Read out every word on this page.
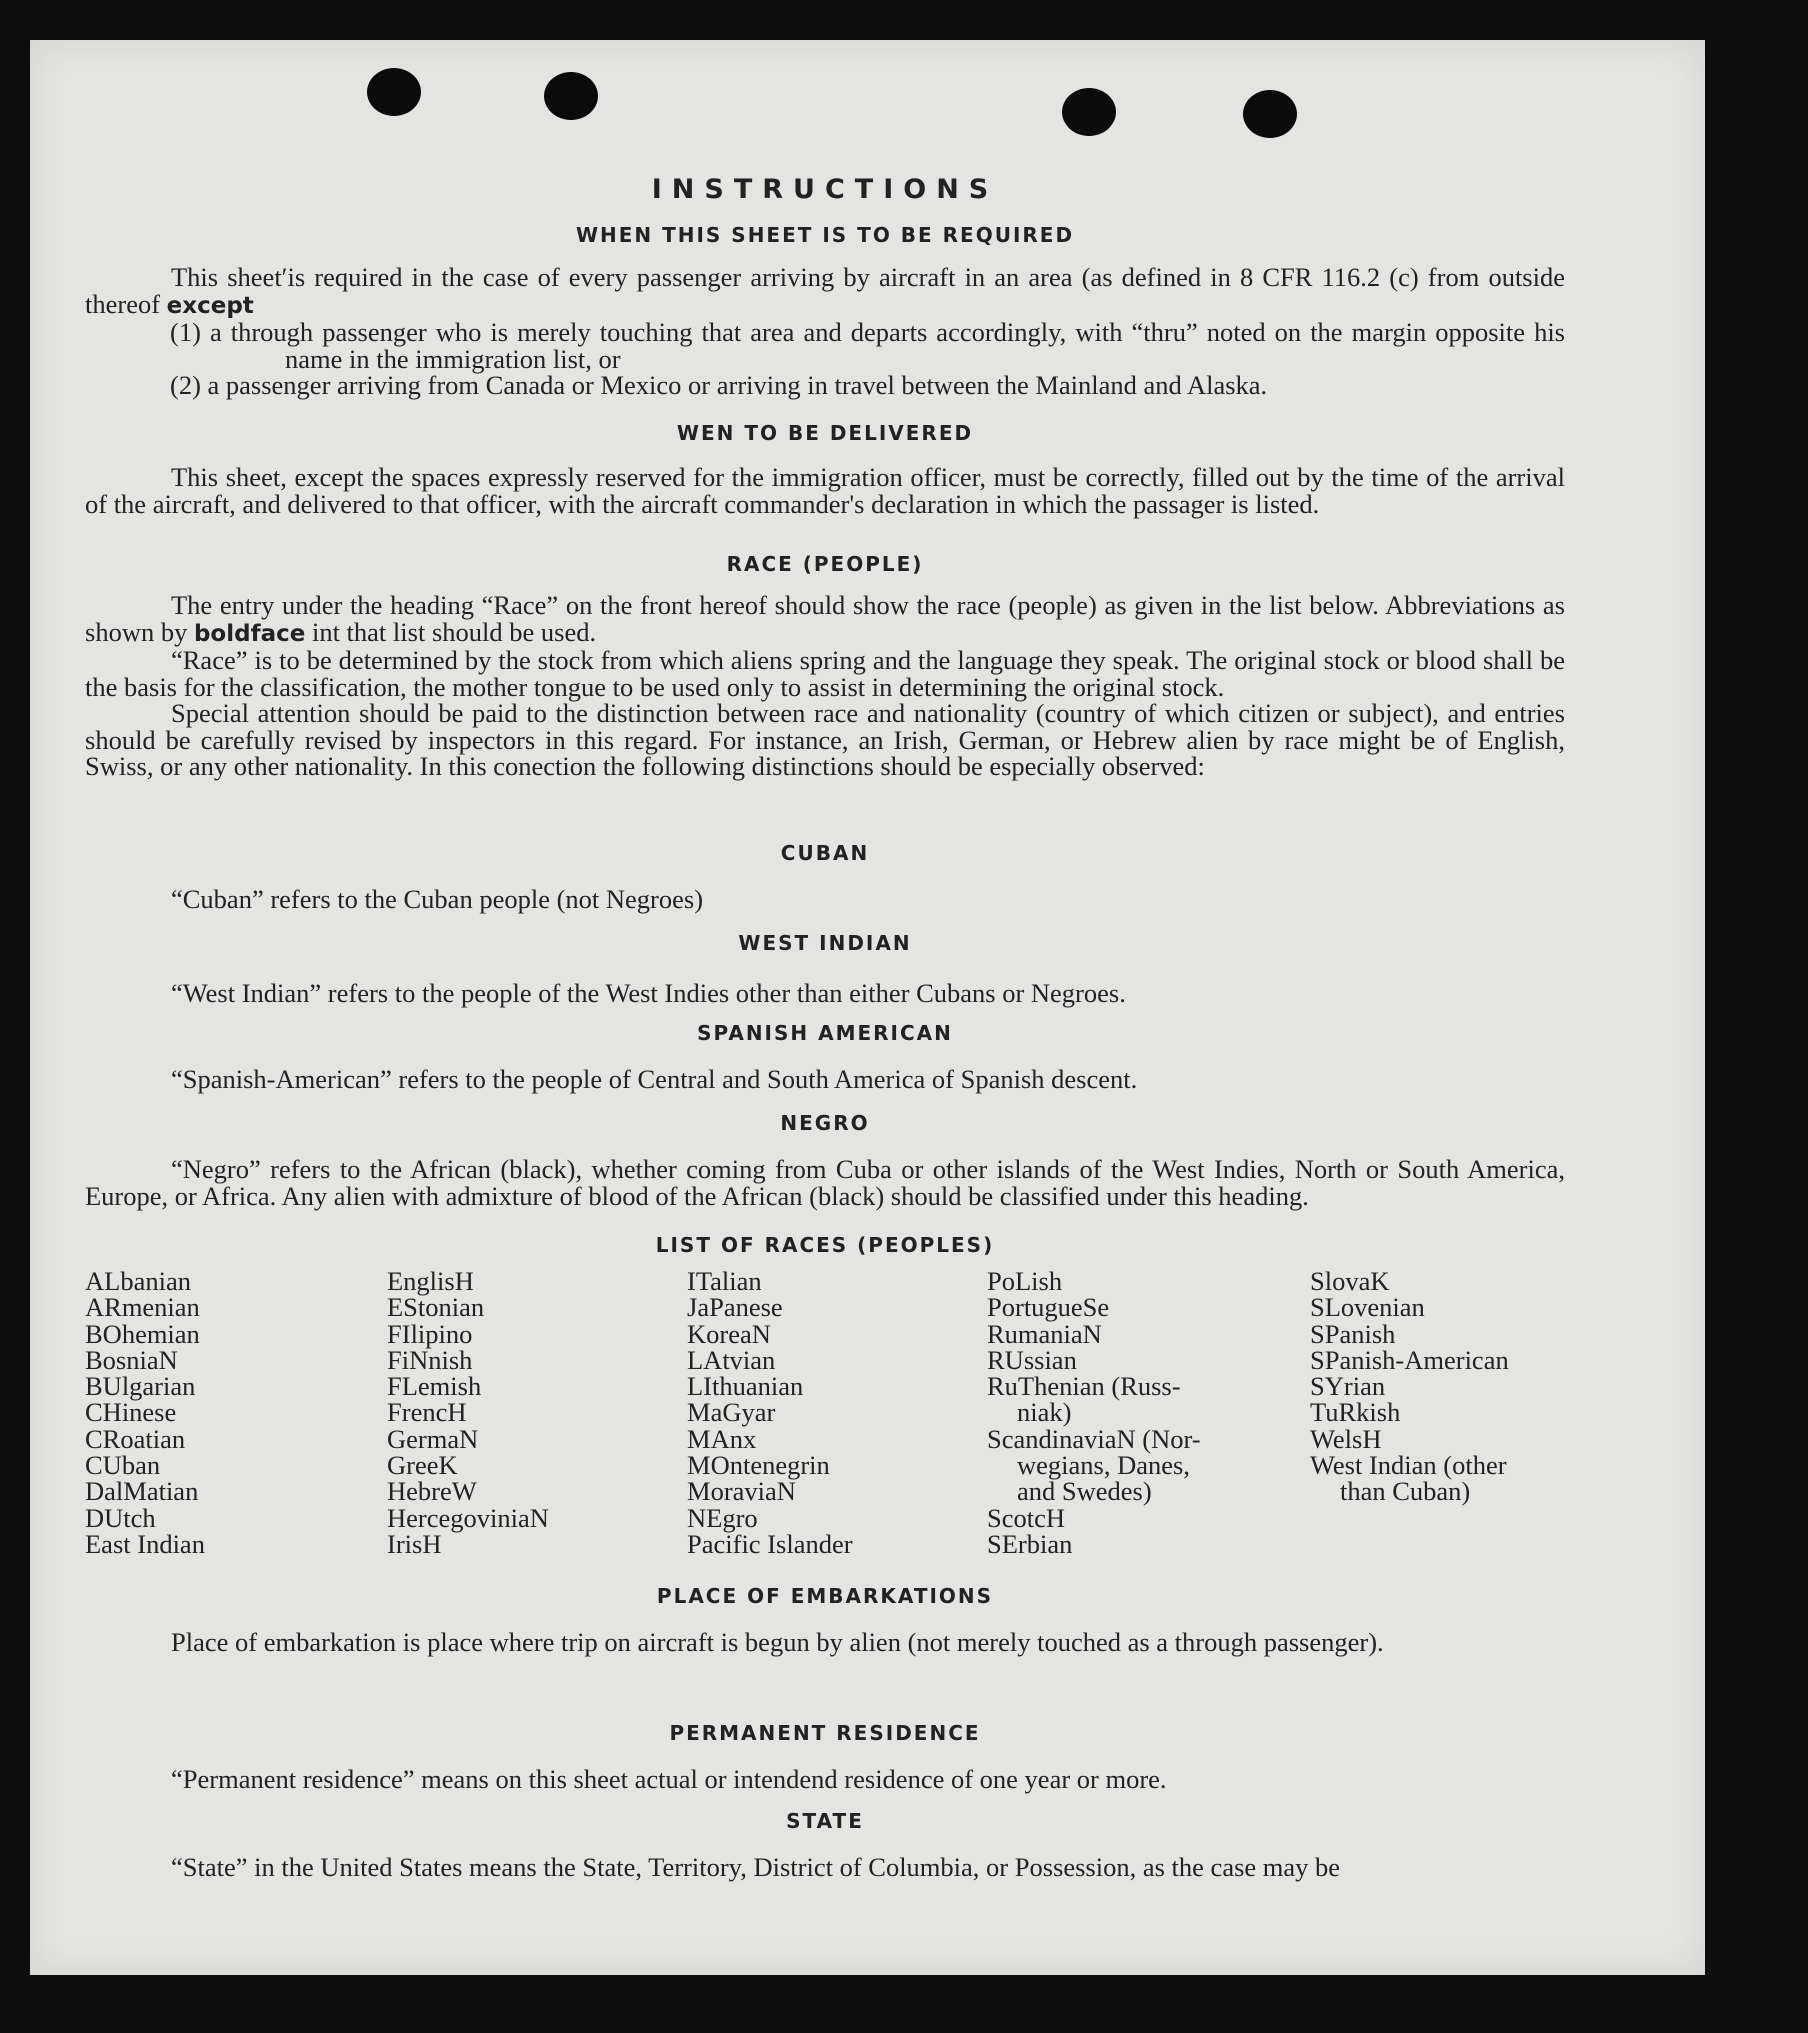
INSTRUCTIONS
WHEN THIS SHEET IS TO BE REQUIRED

This sheet′is required in the case of every passenger arriving by aircraft in an area (as defined in 8 CFR 116.2 (c) from outside thereof except

(1) a through passenger who is merely touching that area and departs accordingly, with “thru” noted on the margin opposite his name in the immigration list, or

(2) a passenger arriving from Canada or Mexico or arriving in travel between the Mainland and Alaska.

WEN TO BE DELIVERED

This sheet, except the spaces expressly reserved for the immigration officer, must be correctly, filled out by the time of the arrival of the aircraft, and delivered to that officer, with the aircraft commander's declaration in which the passager is listed.

RACE (PEOPLE)

The entry under the heading “Race” on the front hereof should show the race (people) as given in the list below. Abbreviations as shown by boldface int that list should be used.

“Race” is to be determined by the stock from which aliens spring and the language they speak. The original stock or blood shall be the basis for the classification, the mother tongue to be used only to assist in determining the original stock.

Special attention should be paid to the distinction between race and nationality (country of which citizen or subject), and entries should be carefully revised by inspectors in this regard. For instance, an Irish, German, or Hebrew alien by race might be of English, Swiss, or any other nationality. In this conection the following distinctions should be especially observed:

CUBAN

“Cuban” refers to the Cuban people (not Negroes)

WEST INDIAN

“West Indian” refers to the people of the West Indies other than either Cubans or Negroes.

SPANISH AMERICAN

“Spanish-American” refers to the people of Central and South America of Spanish descent.

NEGRO

“Negro” refers to the African (black), whether coming from Cuba or other islands of the West Indies, North or South America, Europe, or Africa. Any alien with admixture of blood of the African (black) should be classified under this heading.

LIST OF RACES (PEOPLES)
ALbanian
ARmenian
BOhemian
BosniaN
BUlgarian
CHinese
CRoatian
CUban
DalMatian
DUtch
East Indian
EnglisH
EStonian
FIlipino
FiNnish
FLemish
FrencH
GermaN
GreeK
HebreW
HercegoviniaN
IrisH
ITalian
JaPanese
KoreaN
LAtvian
LIthuanian
MaGyar
MAnx
MOntenegrin
MoraviaN
NEgro
Pacific Islander
PoLish
PortugueSe
RumaniaN
RUssian
RuThenian (Russ-
niak)
ScandinaviaN (Nor-
wegians, Danes,
and Swedes)
ScotcH
SErbian
SlovaK
SLovenian
SPanish
SPanish-American
SYrian
TuRkish
WelsH
West Indian (other
than Cuban)
PLACE OF EMBARKATIONS

Place of embarkation is place where trip on aircraft is begun by alien (not merely touched as a through passenger).

PERMANENT RESIDENCE

“Permanent residence” means on this sheet actual or intendend residence of one year or more.

STATE

“State” in the United States means the State, Territory, District of Columbia, or Possession, as the case may be
